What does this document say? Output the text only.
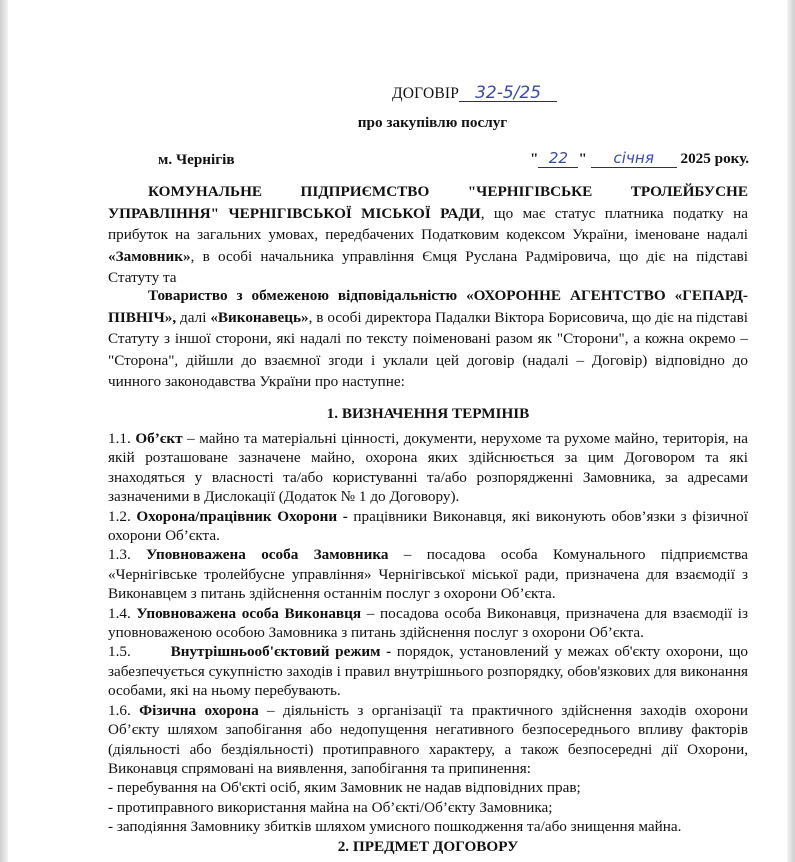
ДОГОВІР 32-5/25
про закупівлю послуг
м. Чернігів	" 22 " січня 2025 року.
КОМУНАЛЬНЕ ПІДПРИЄМСТВО "ЧЕРНІГІВСЬКЕ ТРОЛЕЙБУСНЕ УПРАВЛІННЯ" ЧЕРНІГІВСЬКОЇ МІСЬКОЇ РАДИ, що має статус платника податку на прибуток на загальних умовах, передбачених Податковим кодексом України, іменоване надалі «Замовник», в особі начальника управління Ємця Руслана Радміровича, що діє на підставі Статуту та
Товариство з обмеженою відповідальністю «ОХОРОННЕ АГЕНТСТВО «ГЕПАРД-ПІВНІЧ», далі «Виконавець», в особі директора Падалки Віктора Борисовича, що діє на підставі Статуту з іншої сторони, які надалі по тексту поіменовані разом як "Сторони", а кожна окремо – "Сторона", дійшли до взаємної згоди і уклали цей договір (надалі – Договір) відповідно до чинного законодавства України про наступне:
1. ВИЗНАЧЕННЯ ТЕРМІНІВ
1.1. Об’єкт – майно та матеріальні цінності, документи, нерухоме та рухоме майно, територія, на якій розташоване зазначене майно, охорона яких здійснюється за цим Договором та які знаходяться у власності та/або користуванні та/або розпорядженні Замовника, за адресами зазначеними в Дислокації (Додаток № 1 до Договору).
1.2. Охорона/працівник Охорони - працівники Виконавця, які виконують обов’язки з фізичної охорони Об’єкта.
1.3. Уповноважена особа Замовника – посадова особа Комунального підприємства «Чернігівське тролейбусне управління» Чернігівської міської ради, призначена для взаємодії з Виконавцем з питань здійснення останнім послуг з охорони Об’єкта.
1.4. Уповноважена особа Виконавця – посадова особа Виконавця, призначена для взаємодії із уповноваженою особою Замовника з питань здійснення послуг з охорони Об’єкта.
1.5.	Внутрішньооб'єктовий режим - порядок, установлений у межах об'єкту охорони, що забезпечується сукупністю заходів і правил внутрішнього розпорядку, обов'язкових для виконання особами, які на ньому перебувають.
1.6. Фізична охорона – діяльність з організації та практичного здійснення заходів охорони Об’єкту шляхом запобігання або недопущення негативного безпосереднього впливу факторів (діяльності або бездіяльності) протиправного характеру, а також безпосередні дії Охорони, Виконавця спрямовані на виявлення, запобігання та припинення:
- перебування на Об'єкті осіб, яким Замовник не надав відповідних прав;
- протиправного використання майна на Об’єкті/Об’єкту Замовника;
- заподіяння Замовнику збитків шляхом умисного пошкодження та/або знищення майна.
2. ПРЕДМЕТ ДОГОВОРУ
